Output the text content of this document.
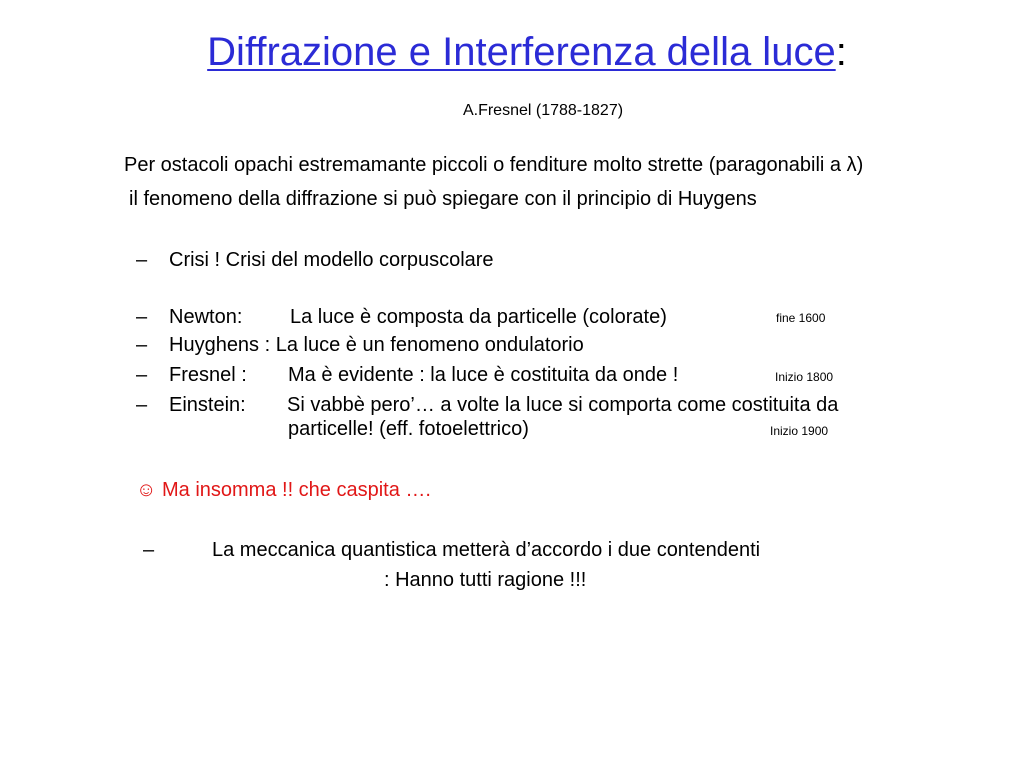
Diffrazione e Interferenza della luce:
A.Fresnel (1788-1827)
Per ostacoli opachi estremamante piccoli o fenditure molto strette (paragonabili a λ)
il fenomeno della diffrazione si può spiegare con il principio di Huygens
– Crisi ! Crisi del modello corpuscolare
– Newton: La luce è composta da particelle (colorate)	fine 1600
– Huyghens : La luce è un fenomeno ondulatorio
– Fresnel : Ma è evidente : la luce è costituita da onde !	Inizio 1800
– Einstein: Si vabbè pero’… a volte la luce si comporta come costituita da
particelle! (eff. fotoelettrico)	Inizio 1900
☺ Ma insomma !! che caspita ….
–	La meccanica quantistica metterà d’accordo i due contendenti
: Hanno tutti ragione !!!
